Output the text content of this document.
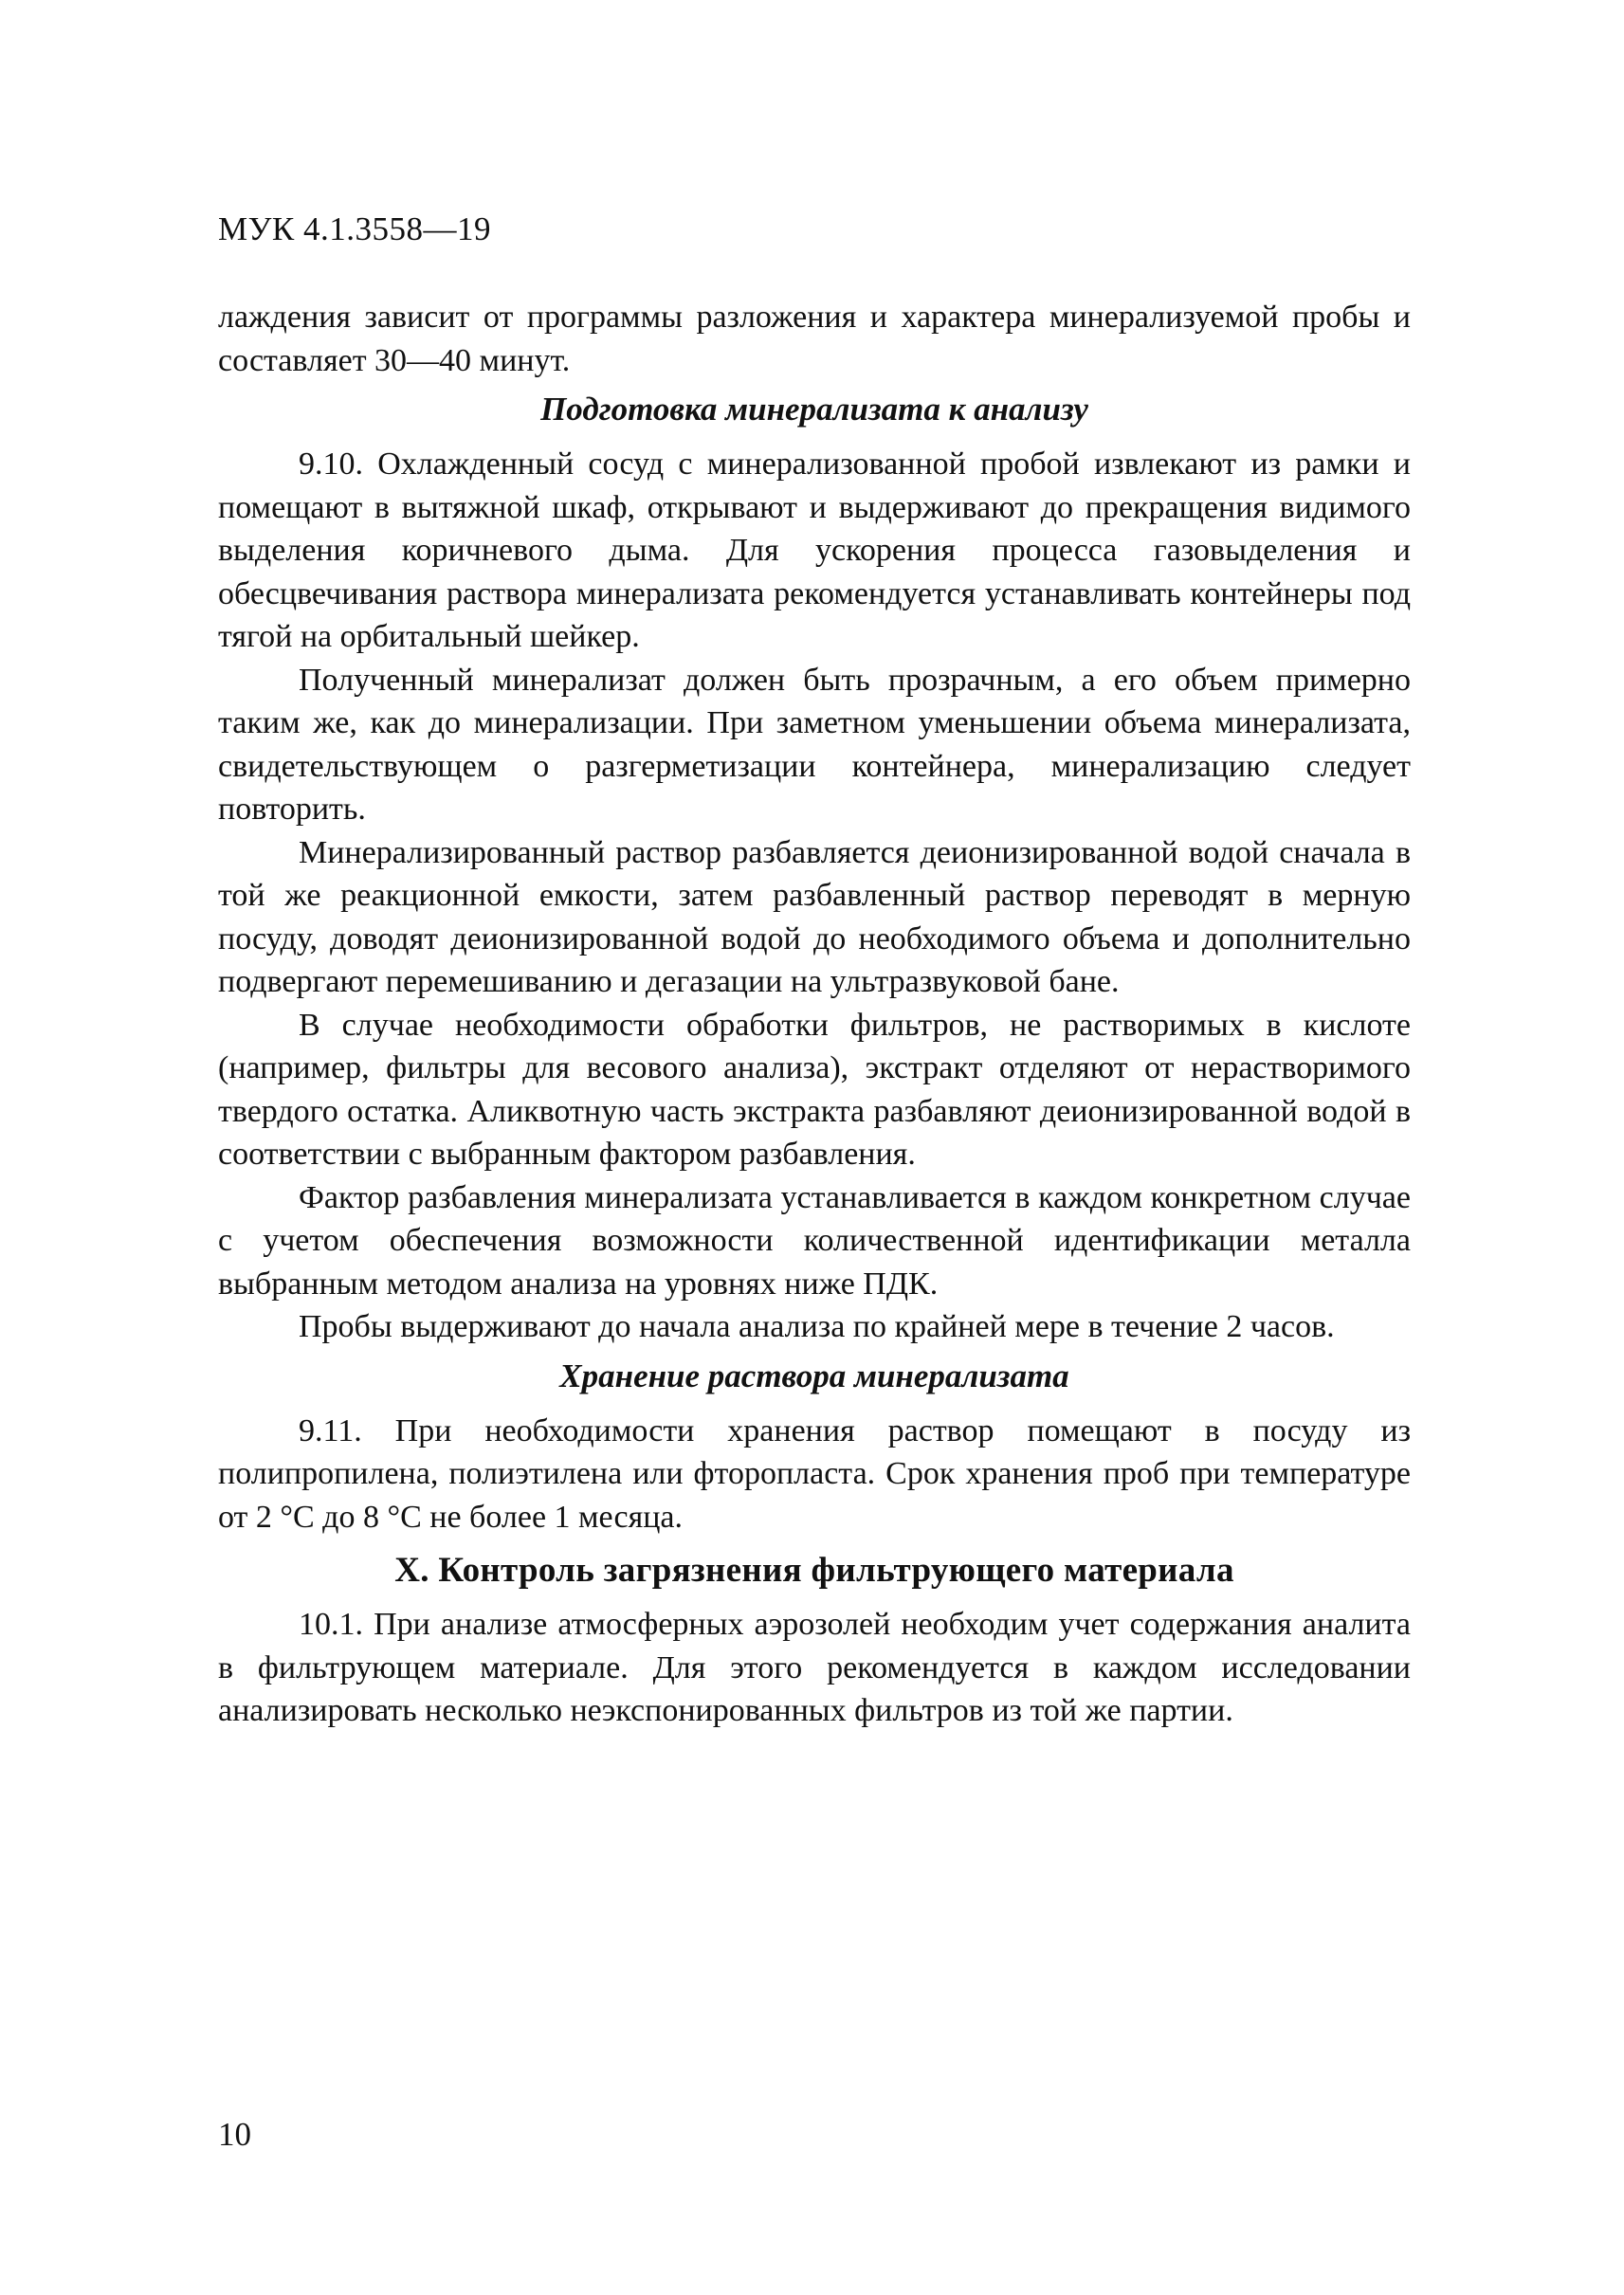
МУК 4.1.3558—19

лаждения зависит от программы разложения и характера минерализуемой пробы и составляет 30—40 минут.

Подготовка минерализата к анализу

9.10. Охлажденный сосуд с минерализованной пробой извлекают из рамки и помещают в вытяжной шкаф, открывают и выдерживают до прекращения видимого выделения коричневого дыма. Для ускорения процесса газовыделения и обесцвечивания раствора минерализата рекомендуется устанавливать контейнеры под тягой на орбитальный шейкер.

Полученный минерализат должен быть прозрачным, а его объем примерно таким же, как до минерализации. При заметном уменьшении объема минерализата, свидетельствующем о разгерметизации контейнера, минерализацию следует повторить.

Минерализированный раствор разбавляется деионизированной водой сначала в той же реакционной емкости, затем разбавленный раствор переводят в мерную посуду, доводят деионизированной водой до необходимого объема и дополнительно подвергают перемешиванию и дегазации на ультразвуковой бане.

В случае необходимости обработки фильтров, не растворимых в кислоте (например, фильтры для весового анализа), экстракт отделяют от нерастворимого твердого остатка. Аликвотную часть экстракта разбавляют деионизированной водой в соответствии с выбранным фактором разбавления.

Фактор разбавления минерализата устанавливается в каждом конкретном случае с учетом обеспечения возможности количественной идентификации металла выбранным методом анализа на уровнях ниже ПДК.

Пробы выдерживают до начала анализа по крайней мере в течение 2 часов.

Хранение раствора минерализата

9.11. При необходимости хранения раствор помещают в посуду из полипропилена, полиэтилена или фторопласта. Срок хранения проб при температуре от 2 °С до 8 °С не более 1 месяца.

X. Контроль загрязнения фильтрующего материала

10.1. При анализе атмосферных аэрозолей необходим учет содержания аналита в фильтрующем материале. Для этого рекомендуется в каждом исследовании анализировать несколько неэкспонированных фильтров из той же партии.

10
